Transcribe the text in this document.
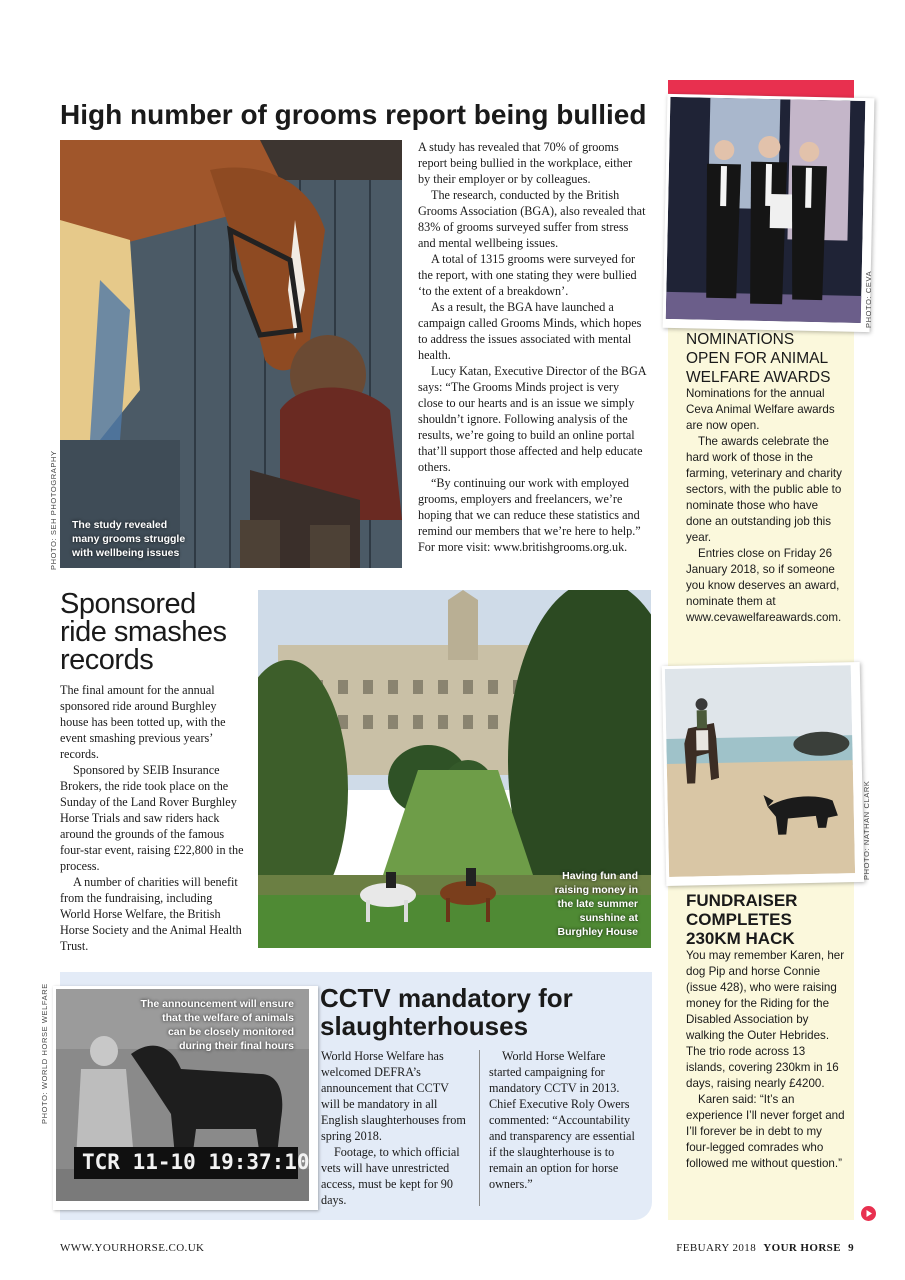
High number of grooms report being bullied
The study revealed
many grooms struggle
with wellbeing issues
PHOTO: SEH PHOTOGRAPHY

A study has revealed that 70% of grooms report being bullied in the workplace, either by their employer or by colleagues.

The research, conducted by the British Grooms Association (BGA), also revealed that 83% of grooms surveyed suffer from stress and mental wellbeing issues.

A total of 1315 grooms were surveyed for the report, with one stating they were bullied ‘to the extent of a breakdown’.

As a result, the BGA have launched a campaign called Grooms Minds, which hopes to address the issues associated with mental health.

Lucy Katan, Executive Director of the BGA says: “The Grooms Minds project is very close to our hearts and is an issue we simply shouldn’t ignore. Following analysis of the results, we’re going to build an online portal that’ll support those affected and help educate others.

“By continuing our work with employed grooms, employers and freelancers, we’re hoping that we can reduce these statistics and remind our members that we’re here to help.” For more visit: www.britishgrooms.org.uk.

Sponsored
ride smashes
records

The final amount for the annual sponsored ride around Burghley house has been totted up, with the event smashing previous years’ records.

Sponsored by SEIB Insurance Brokers, the ride took place on the Sunday of the Land Rover Burghley Horse Trials and saw riders hack around the grounds of the famous four-star event, raising £22,800 in the process.

A number of charities will benefit from the fundraising, including World Horse Welfare, the British Horse Society and the Animal Health Trust.

Having fun and
raising money in
the late summer
sunshine at
Burghley House
The announcement will ensure
that the welfare of animals
can be closely monitored
during their final hours
TCR 11-10 19:37:10
PHOTO: WORLD HORSE WELFARE	CCTV mandatory for
slaughterhouses

World Horse Welfare has welcomed DEFRA’s announcement that CCTV will be mandatory in all English slaughterhouses from spring 2018.

Footage, to which official vets will have unrestricted access, must be kept for 90 days.

World Horse Welfare started campaigning for mandatory CCTV in 2013. Chief Executive Roly Owers commented: “Accountability and transparency are essential if the slaughterhouse is to remain an option for horse owners.”

PHOTO: CEVA
NOMINATIONS
OPEN FOR ANIMAL
WELFARE AWARDS

Nominations for the annual Ceva Animal Welfare awards are now open.

The awards celebrate the hard work of those in the farming, veterinary and charity sectors, with the public able to nominate those who have done an outstanding job this year.

Entries close on Friday 26 January 2018, so if someone you know deserves an award, nominate them at www.cevawelfareawards.com.

PHOTO: NATHAN CLARK
FUNDRAISER
COMPLETES
230KM HACK

You may remember Karen, her dog Pip and horse Connie (issue 428), who were raising money for the Riding for the Disabled Association by walking the Outer Hebrides. The trio rode across 13 islands, covering 230km in 16 days, raising nearly £4200.

Karen said: “It’s an experience I’ll never forget and I’ll forever be in debt to my four-legged comrades who followed me without question.”

WWW.YOURHORSE.CO.UK	FEBUARY 2018 YOUR HORSE 9
